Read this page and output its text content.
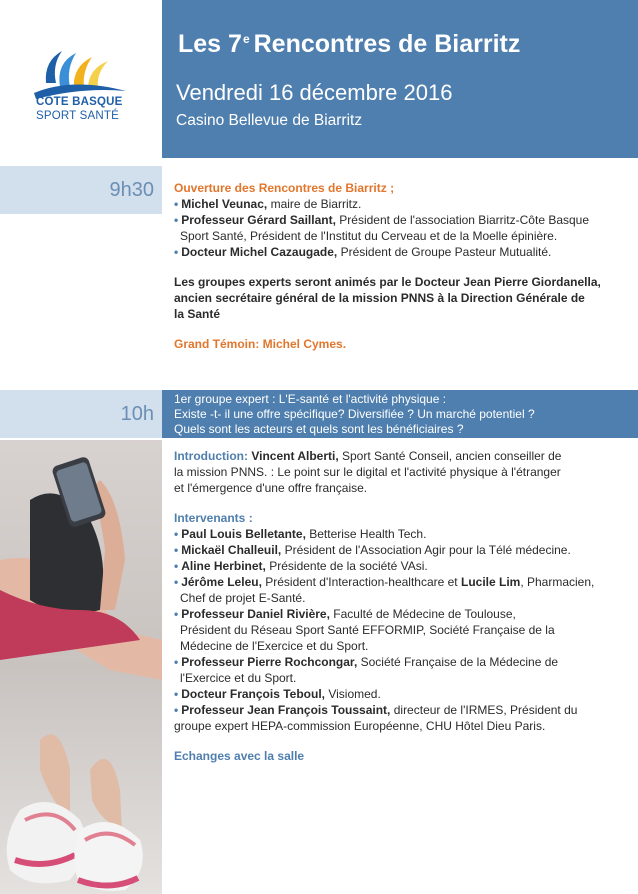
CÔTE BASQUE
SPORT SANTÉ
Les 7e Rencontres de Biarritz
Vendredi 16 décembre 2016
Casino Bellevue de Biarritz
9h30 Ouverture des Rencontres de Biarritz ;
• Michel Veunac, maire de Biarritz.
• Professeur Gérard Saillant, Président de l'association Biarritz-Côte Basque
Sport Santé, Président de l'Institut du Cerveau et de la Moelle épinière.
• Docteur Michel Cazaugade, Président de Groupe Pasteur Mutualité.
Les groupes experts seront animés par le Docteur Jean Pierre Giordanella,
ancien secrétaire général de la mission PNNS à la Direction Générale de
la Santé
Grand Témoin: Michel Cymes.
10h
1er groupe expert : L'E-santé et l'activité physique :
Existe -t- il une offre spécifique? Diversifiée ? Un marché potentiel ?
Quels sont les acteurs et quels sont les bénéficiaires ?
Introduction: Vincent Alberti, Sport Santé Conseil, ancien conseiller de
la mission PNNS. : Le point sur le digital et l'activité physique à l'étranger
et l'émergence d'une offre française.
Intervenants :
• Paul Louis Belletante, Betterise Health Tech.
• Mickaël Challeuil, Président de l'Association Agir pour la Télé médecine.
• Aline Herbinet, Présidente de la société VAsi.
• Jérôme Leleu, Président d'Interaction-healthcare et Lucile Lim, Pharmacien,
Chef de projet E-Santé.
• Professeur Daniel Rivière, Faculté de Médecine de Toulouse,
Président du Réseau Sport Santé EFFORMIP, Société Française de la
Médecine de l'Exercice et du Sport.
• Professeur Pierre Rochcongar, Société Française de la Médecine de
l'Exercice et du Sport.
• Docteur François Teboul, Visiomed.
• Professeur Jean François Toussaint, directeur de l'IRMES, Président du
groupe expert HEPA-commission Européenne, CHU Hôtel Dieu Paris.
Echanges avec la salle
